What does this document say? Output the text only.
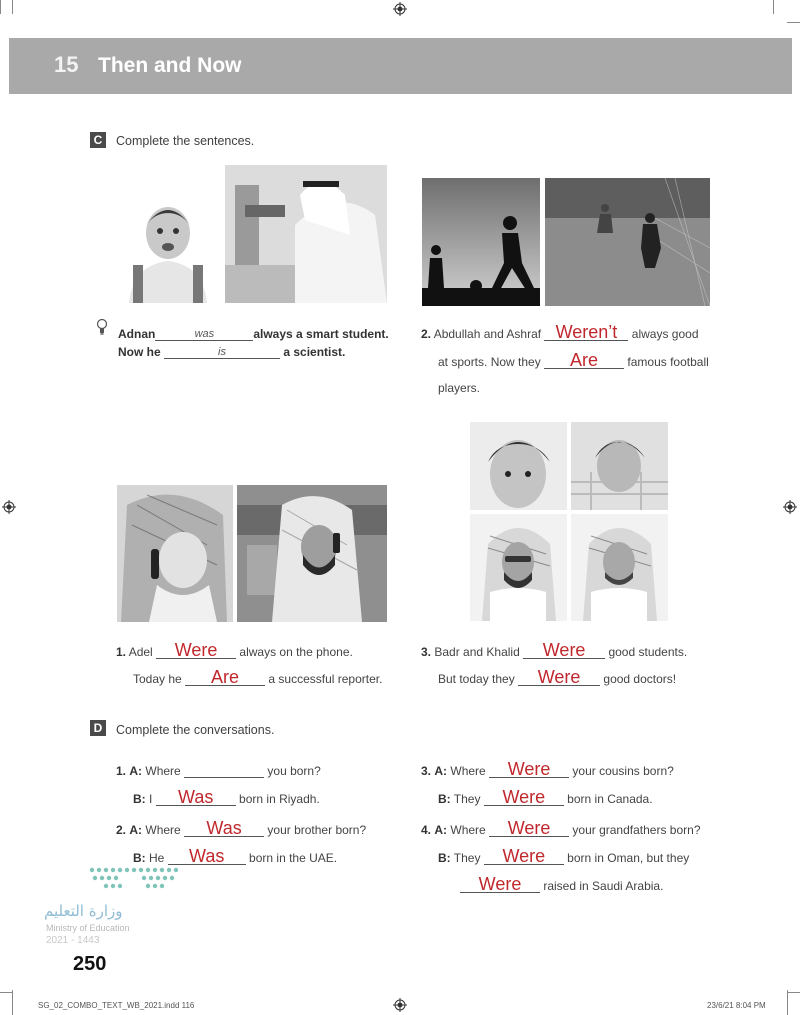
15 Then and Now
C Complete the sentences.
Adnan	was	always a smart student.
Now he	is	a scientist.
2. Abdullah and Ashraf Weren’t	always good
at sports. Now they	Are	famous football
players.
1. Adel	Were	always on the phone.
Today he	Are	a successful reporter.
3. Badr and Khalid	Were	good students.
But today they	Were	good doctors!
D Complete the conversations.
1. A: Where	you born?
B: I	Was	born in Riyadh.
2. A: Where	Was	your brother born?
B: He	Was	born in the UAE.
3. A: Where	Were	your cousins born?
B: They	Were	born in Canada.
4. A: Where	Were	your grandfathers born?
B: They	Were	born in Oman, but they
Were	raised in Saudi Arabia.
وزارة التعليم
Ministry of Education
2021 - 1443
250
SG_02_COMBO_TEXT_WB_2021.indd 116	23/6/21 8:04 PM
